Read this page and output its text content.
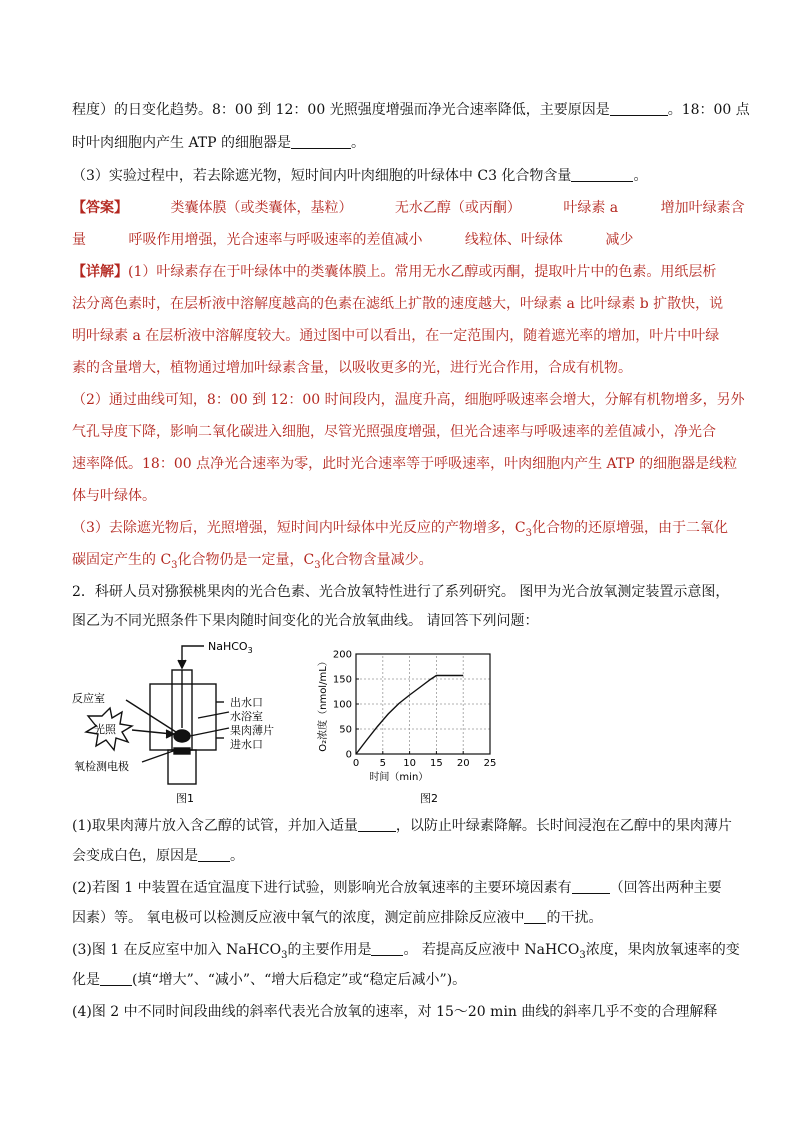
程度）的日变化趋势。8：00 到 12：00 光照强度增强而净光合速率降低，主要原因是	。18：00 点
时叶肉细胞内产生 ATP 的细胞器是	。
（3）实验过程中，若去除遮光物，短时间内叶肉细胞的叶绿体中 C3 化合物含量	。
【答案】	类囊体膜（或类囊体，基粒）	无水乙醇（或丙酮）	叶绿素 a	增加叶绿素含
量	呼吸作用增强，光合速率与呼吸速率的差值减小	线粒体、叶绿体	减少
【详解】(1）叶绿素存在于叶绿体中的类囊体膜上。常用无水乙醇或丙酮，提取叶片中的色素。用纸层析
法分离色素时，在层析液中溶解度越高的色素在滤纸上扩散的速度越大，叶绿素 a 比叶绿素 b 扩散快，说
明叶绿素 a 在层析液中溶解度较大。通过图中可以看出，在一定范围内，随着遮光率的增加，叶片中叶绿
素的含量增大，植物通过增加叶绿素含量，以吸收更多的光，进行光合作用，合成有机物。
（2）通过曲线可知，8：00 到 12：00 时间段内，温度升高，细胞呼吸速率会增大，分解有机物增多，另外
气孔导度下降，影响二氧化碳进入细胞，尽管光照强度增强，但光合速率与呼吸速率的差值减小，净光合
速率降低。18：00 点净光合速率为零，此时光合速率等于呼吸速率，叶肉细胞内产生 ATP 的细胞器是线粒
体与叶绿体。
（3）去除遮光物后，光照增强，短时间内叶绿体中光反应的产物增多，$C_3$化合物的还原增强，由于二氧化
碳固定产生的 $C_3$化合物仍是一定量，$C_3$化合物含量减少。
2．科研人员对猕猴桃果肉的光合色素、光合放氧特性进行了系列研究。 图甲为光合放氧测定装置示意图，
图乙为不同光照条件下果肉随时间变化的光合放氧曲线。 请回答下列问题：
NaHCO$_3$
反应室
光照
氧检测电极
出水口
水浴室
果肉薄片
进水口
图1
0 5 10 15 20 25
0
50
100
150
200
时间（min）
O₂浓度（nmol/mL）
图2
(1)取果肉薄片放入含乙醇的试管，并加入适量	，以防止叶绿素降解。长时间浸泡在乙醇中的果肉薄片
会变成白色，原因是 。
(2)若图 1 中装置在适宜温度下进行试验，则影响光合放氧速率的主要环境因素有	（回答出两种主要
因素）等。 氧电极可以检测反应液中氧气的浓度，测定前应排除反应液中 的干扰。
(3)图 1 在反应室中加入 NaHCO$_3$的主要作用是 。 若提高反应液中 NaHCO$_3$浓度，果肉放氧速率的变
化是 (填“增大”、“减小”、“增大后稳定”或“稳定后减小”)。
(4)图 2 中不同时间段曲线的斜率代表光合放氧的速率，对 15～20 min 曲线的斜率几乎不变的合理解释
